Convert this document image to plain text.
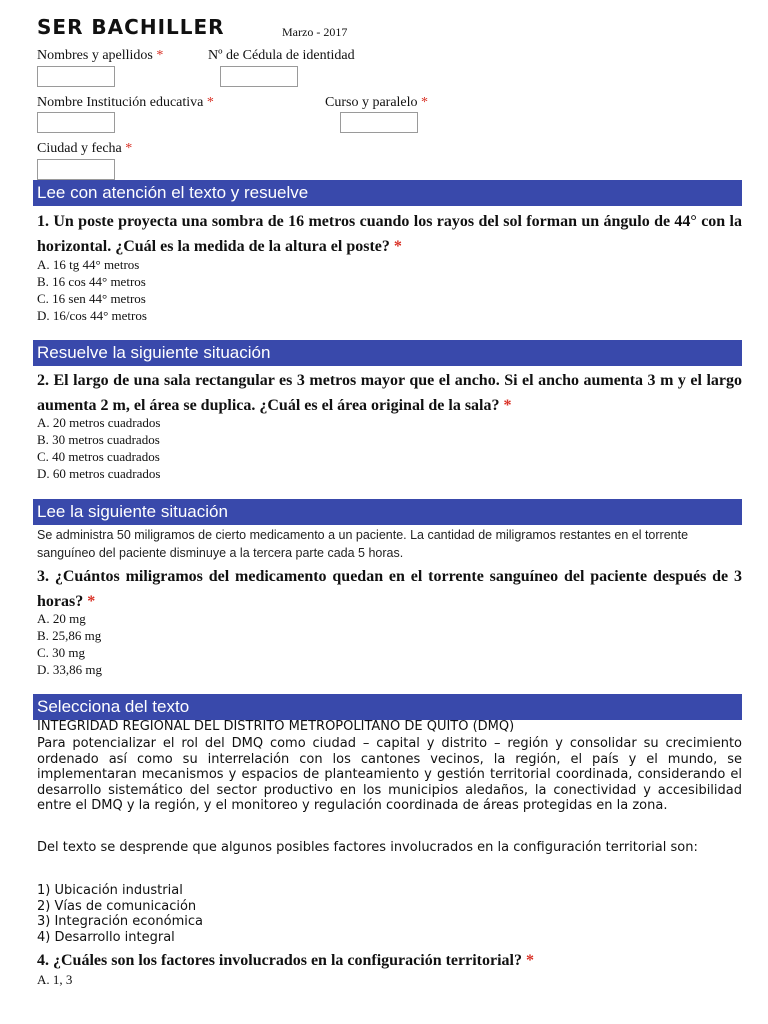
SER BACHILLER	Marzo - 2017
Nombres y apellidos *	Nº de Cédula de identidad
Nombre Institución educativa *	Curso y paralelo *
Ciudad y fecha *
Lee con atención el texto y resuelve
1. Un poste proyecta una sombra de 16 metros cuando los rayos del sol forman un ángulo de 44° con la horizontal. ¿Cuál es la medida de la altura el poste? *
A. 16 tg 44° metros
B. 16 cos 44° metros
C. 16 sen 44° metros
D. 16/cos 44° metros
Resuelve la siguiente situación
2. El largo de una sala rectangular es 3 metros mayor que el ancho. Si el ancho aumenta 3 m y el largo aumenta 2 m, el área se duplica. ¿Cuál es el área original de la sala? *
A. 20 metros cuadrados
B. 30 metros cuadrados
C. 40 metros cuadrados
D. 60 metros cuadrados
Lee la siguiente situación
Se administra 50 miligramos de cierto medicamento a un paciente. La cantidad de miligramos restantes en el torrente sanguíneo del paciente disminuye a la tercera parte cada 5 horas.
3. ¿Cuántos miligramos del medicamento quedan en el torrente sanguíneo del paciente después de 3 horas? *
A. 20 mg
B. 25,86 mg
C. 30 mg
D. 33,86 mg
Selecciona del texto
INTEGRIDAD REGIONAL DEL DISTRITO METROPOLITANO DE QUITO (DMQ)
Para potencializar el rol del DMQ como ciudad – capital y distrito – región y consolidar su crecimiento ordenado así como su interrelación con los cantones vecinos, la región, el país y el mundo, se implementaran mecanismos y espacios de planteamiento y gestión territorial coordinada, considerando el desarrollo sistemático del sector productivo en los municipios aledaños, la conectividad y accesibilidad entre el DMQ y la región, y el monitoreo y regulación coordinada de áreas protegidas en la zona.
Del texto se desprende que algunos posibles factores involucrados en la configuración territorial son:
1) Ubicación industrial
2) Vías de comunicación
3) Integración económica
4) Desarrollo integral
4. ¿Cuáles son los factores involucrados en la configuración territorial? *
A. 1, 3
